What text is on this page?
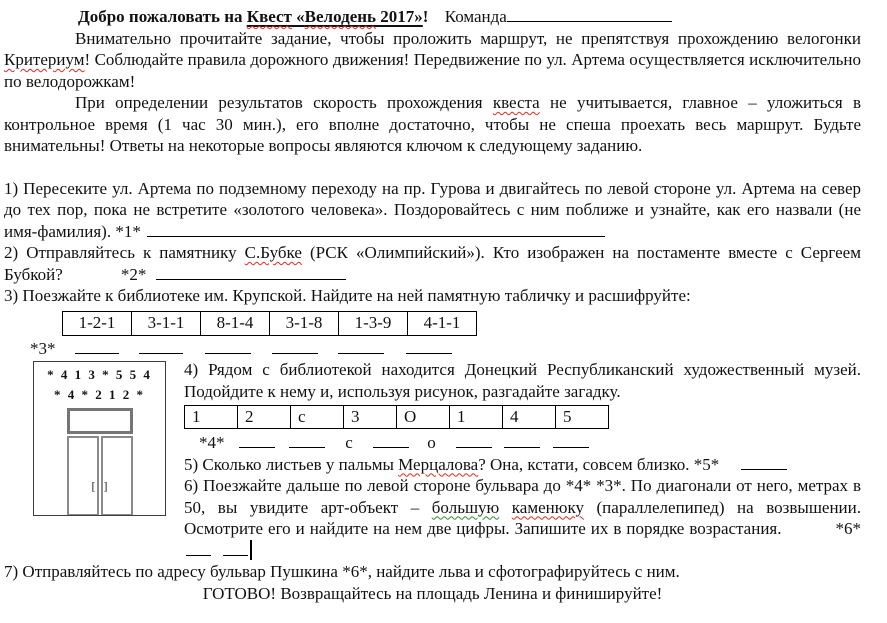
Добро пожаловать на Квест «Велодень 2017»! Команда

Внимательно прочитайте задание, чтобы проложить маршрут, не препятствуя прохождению велогонки Критериум! Соблюдайте правила дорожного движения! Передвижение по ул. Артема осуществляется исключительно по велодорожкам!

При определении результатов скорость прохождения квеста не учитывается, главное – уложиться в контрольное время (1 час 30 мин.), его вполне достаточно, чтобы не спеша проехать весь маршрут. Будьте внимательны! Ответы на некоторые вопросы являются ключом к следующему заданию.

1) Пересеките ул. Артема по подземному переходу на пр. Гурова и двигайтесь по левой стороне ул. Артема на север до тех пор, пока не встретите «золотого человека». Поздоровайтесь с ним поближе и узнайте, как его назвали (не имя-фамилия). *1*

2) Отправляйтесь к памятнику С.Бубке (РСК «Олимпийский»). Кто изображен на постаменте вместе с Сергеем Бубкой?	*2*

3) Поезжайте к библиотеке им. Крупской. Найдите на ней памятную табличку и расшифруйте:

1-2-1	3-1-1	8-1-4	3-1-8	1-3-9	4-1-1

*3*

* 4 1 3 * 5 5 4
* 4 * 2 1 2 *
[ ]

4) Рядом с библиотекой находится Донецкий Республиканский художественный музей. Подойдите к нему и, используя рисунок, разгадайте загадку.

1	2	с	3	О	1	4	5

*4*	с	о

5) Сколько листьев у пальмы Мерцалова? Она, кстати, совсем близко. *5*

6) Поезжайте дальше по левой стороне бульвара до *4* *3*. По диагонали от него, метрах в 50, вы увидите арт-объект – большую каменюку (параллелепипед) на возвышении. Осмотрите его и найдите на нем две цифры. Запишите их в порядке возрастания.	*6*

7) Отправляйтесь по адресу бульвар Пушкина *6*, найдите льва и сфотографируйтесь с ним.

ГОТОВО! Возвращайтесь на площадь Ленина и финишируйте!
